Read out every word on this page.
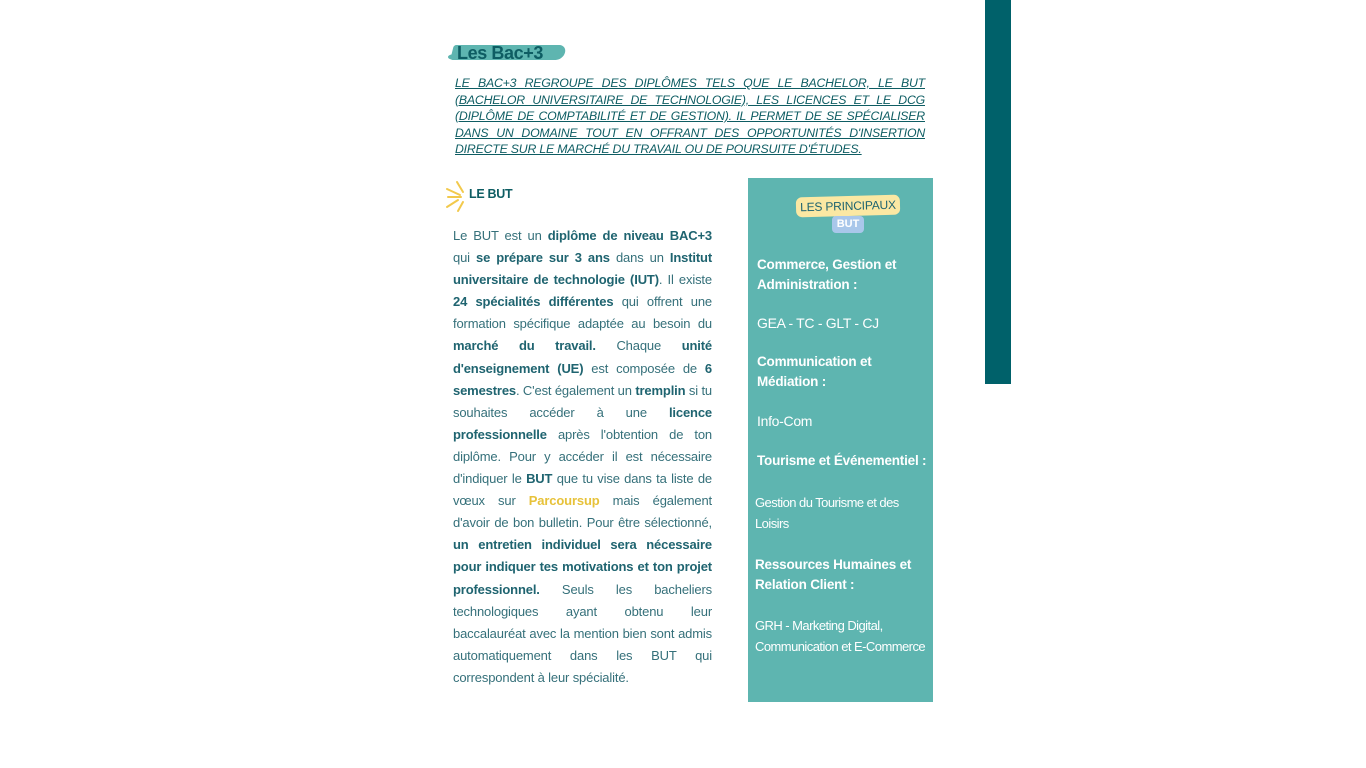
Les Bac+3
LE BAC+3 REGROUPE DES DIPLÔMES TELS QUE LE BACHELOR, LE BUT (BACHELOR UNIVERSITAIRE DE TECHNOLOGIE), LES LICENCES ET LE DCG (DIPLÔME DE COMPTABILITÉ ET DE GESTION). IL PERMET DE SE SPÉCIALISER DANS UN DOMAINE TOUT EN OFFRANT DES OPPORTUNITÉS D'INSERTION DIRECTE SUR LE MARCHÉ DU TRAVAIL OU DE POURSUITE D'ÉTUDES.
LE BUT
Le BUT est un diplôme de niveau BAC+3 qui se prépare sur 3 ans dans un Institut universitaire de technologie (IUT). Il existe 24 spécialités différentes qui offrent une formation spécifique adaptée au besoin du marché du travail. Chaque unité d'enseignement (UE) est composée de 6 semestres. C'est également un tremplin si tu souhaites accéder à une licence professionnelle après l'obtention de ton diplôme. Pour y accéder il est nécessaire d'indiquer le BUT que tu vise dans ta liste de vœux sur Parcoursup mais également d'avoir de bon bulletin. Pour être sélectionné, un entretien individuel sera nécessaire pour indiquer tes motivations et ton projet professionnel. Seuls les bacheliers technologiques ayant obtenu leur baccalauréat avec la mention bien sont admis automatiquement dans les BUT qui correspondent à leur spécialité.
LES PRINCIPAUX
BUT
Commerce, Gestion et Administration :
GEA - TC - GLT - CJ
Communication et Médiation :
Info-Com
Tourisme et Événementiel :
Gestion du Tourisme et des Loisirs
Ressources Humaines et Relation Client :
GRH - Marketing Digital, Communication et E-Commerce
